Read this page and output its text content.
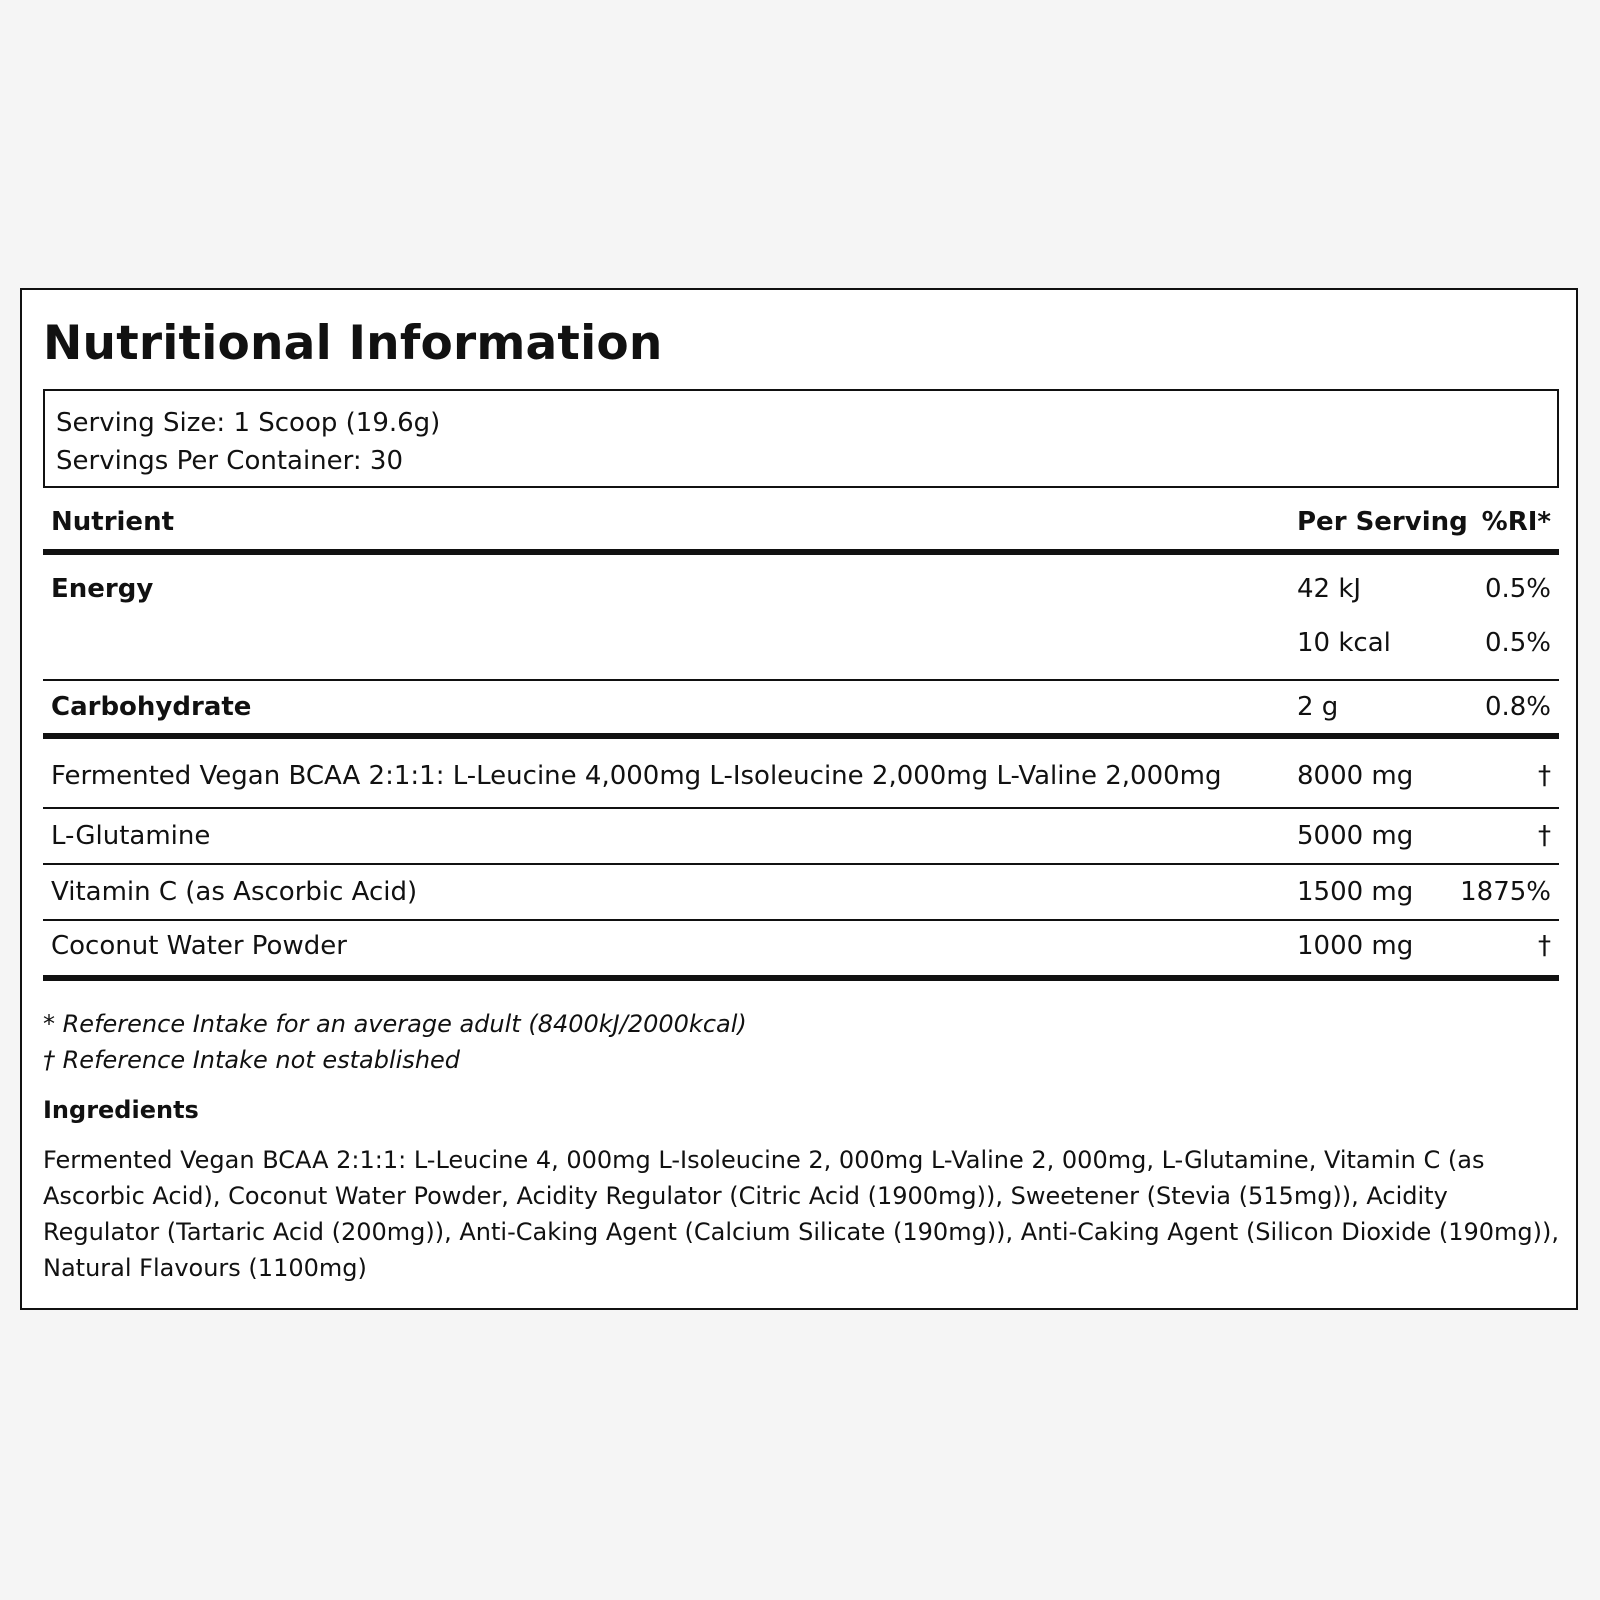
Nutritional Information
Serving Size: 1 Scoop (19.6g)
Servings Per Container: 30
Nutrient	Per Serving %RI*
Energy	42 kJ	0.5%
10 kcal	0.5%
Carbohydrate	2 g	0.8%
Fermented Vegan BCAA 2:1:1: L-Leucine 4,000mg L-Isoleucine 2,000mg L-Valine 2,000mg	8000 mg	†
L-Glutamine	5000 mg	†
Vitamin C (as Ascorbic Acid)	1500 mg 1875%
Coconut Water Powder	1000 mg	†
* Reference Intake for an average adult (8400kJ/2000kcal)
† Reference Intake not established
Ingredients

Fermented Vegan BCAA 2:1:1: L-Leucine 4, 000mg L-Isoleucine 2, 000mg L-Valine 2, 000mg, L-Glutamine, Vitamin C (as Ascorbic Acid), Coconut Water Powder, Acidity Regulator (Citric Acid (1900mg)), Sweetener (Stevia (515mg)), Acidity Regulator (Tartaric Acid (200mg)), Anti-Caking Agent (Calcium Silicate (190mg)), Anti-Caking Agent (Silicon Dioxide (190mg)), Natural Flavours (1100mg)
